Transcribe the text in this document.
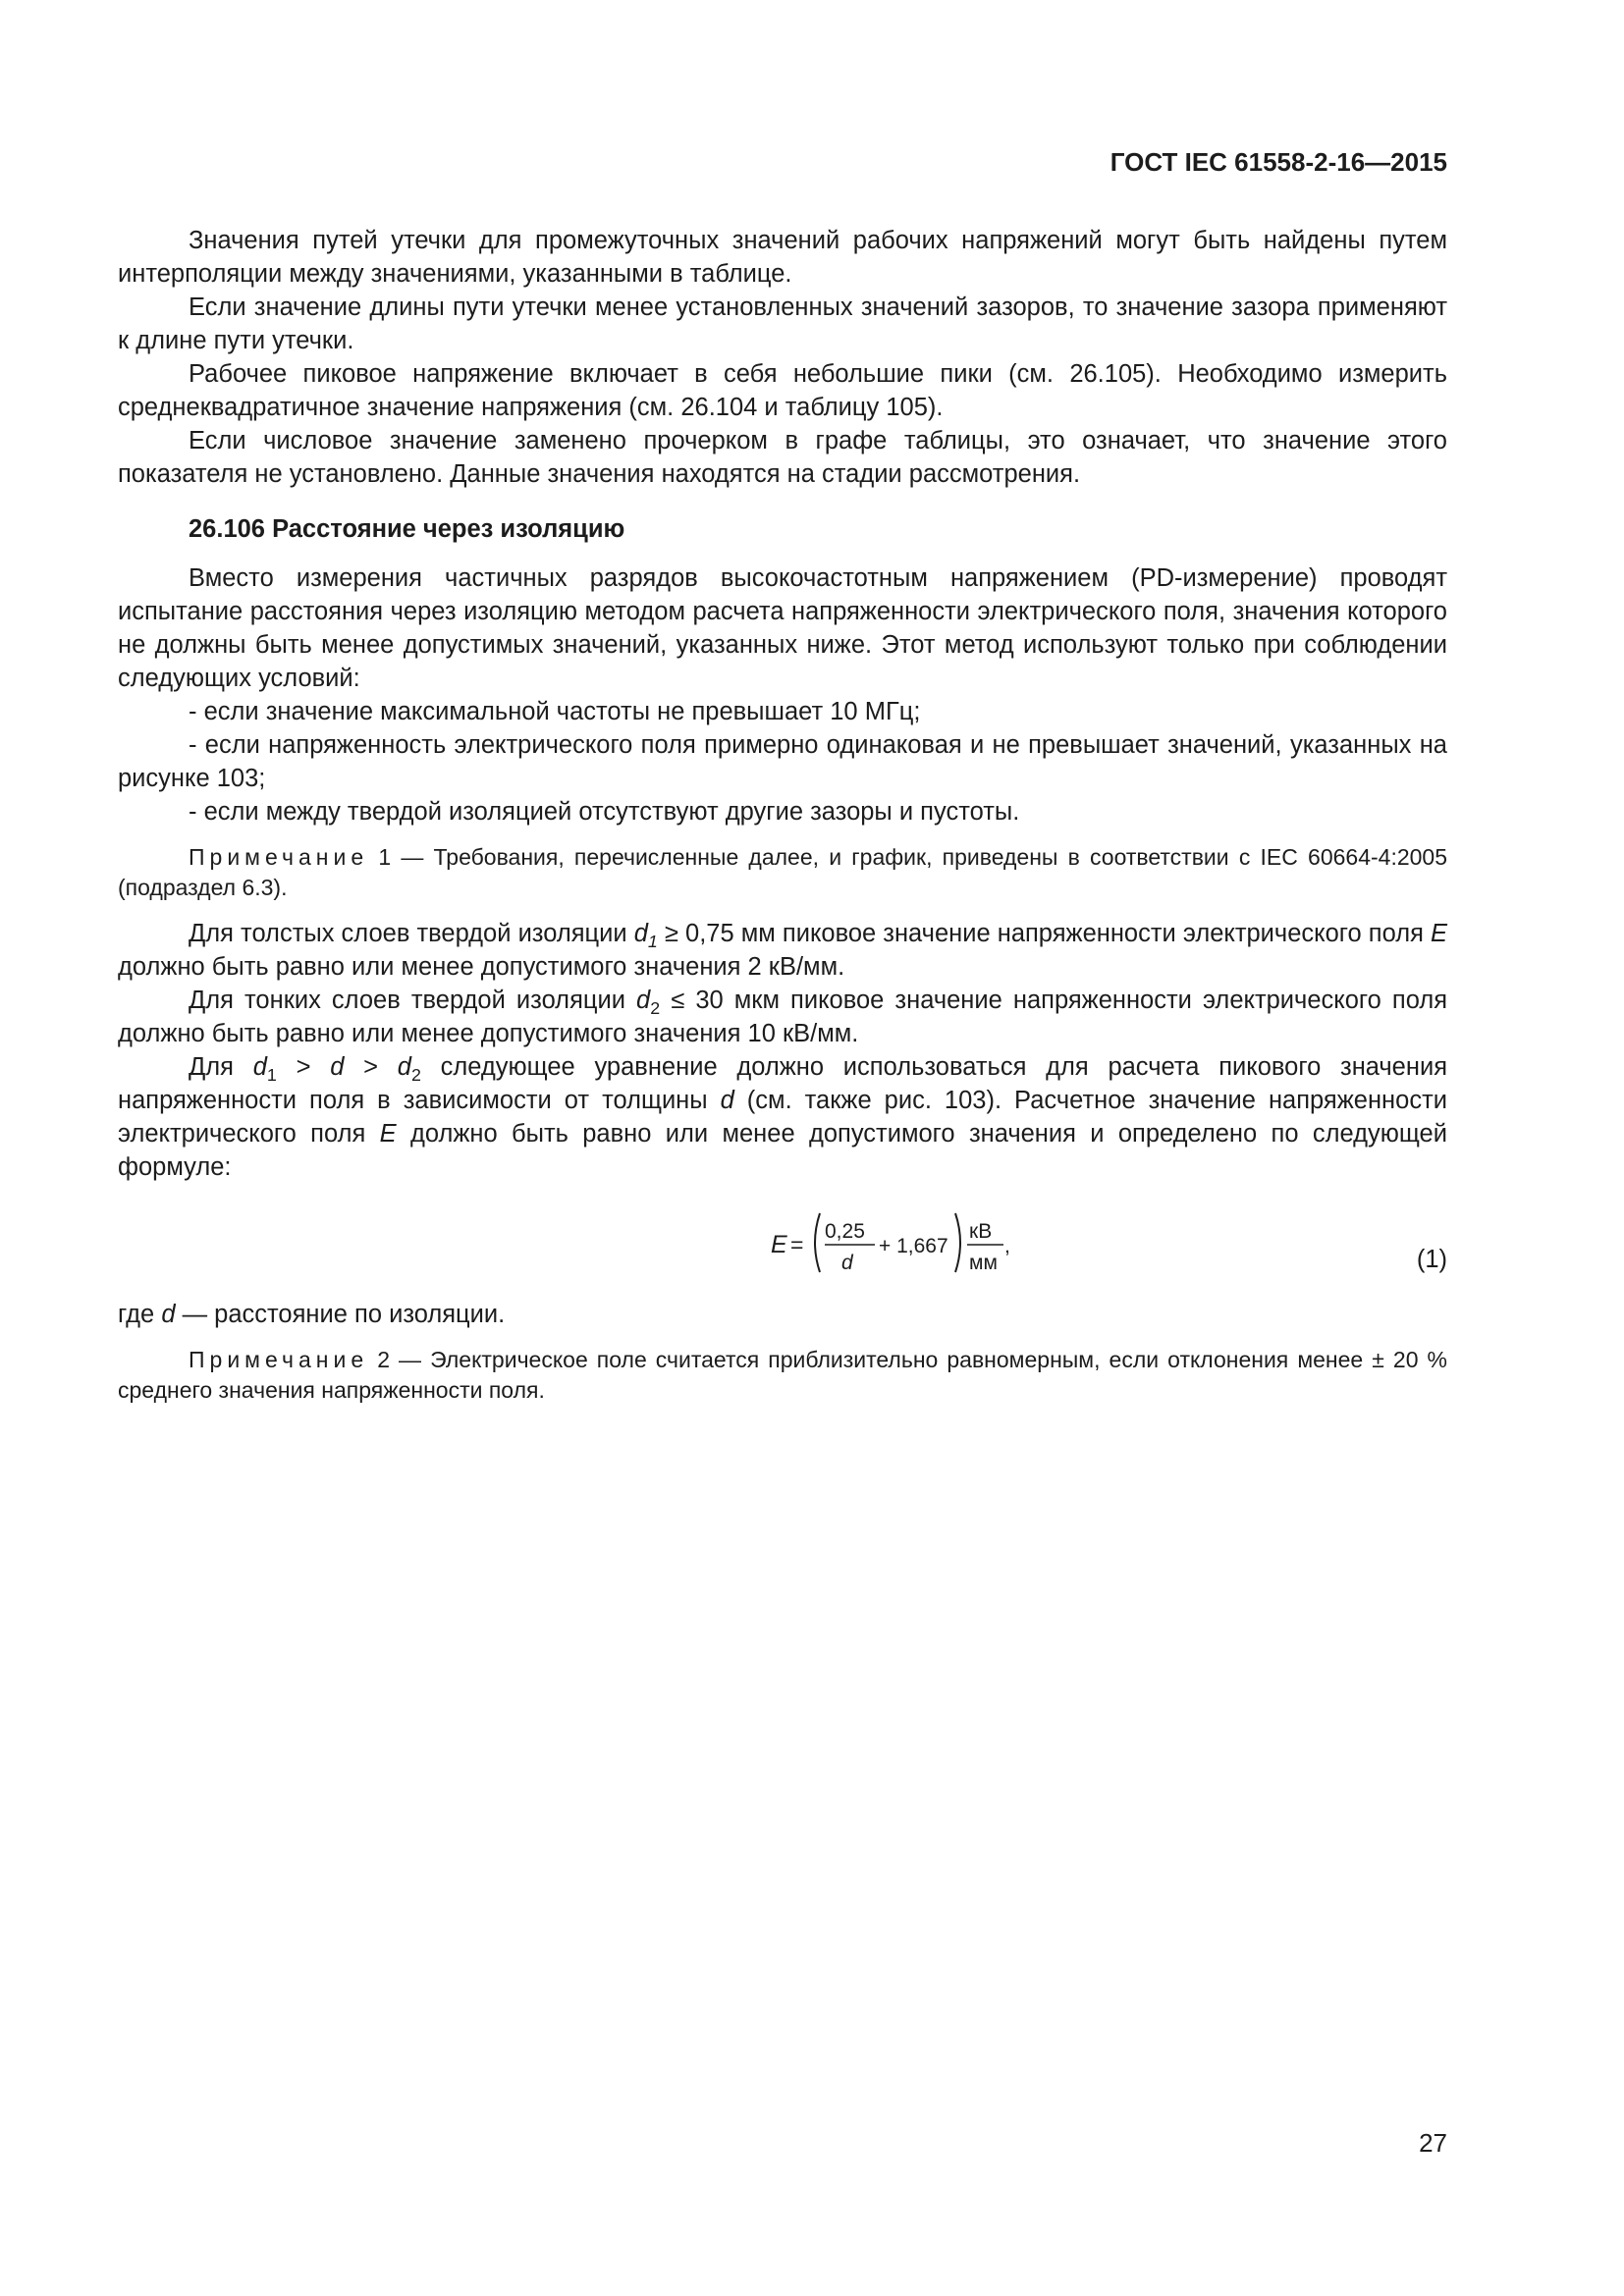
ГОСТ IEC 61558-2-16—2015

Значения путей утечки для промежуточных значений рабочих напряжений могут быть найдены путем интерполяции между значениями, указанными в таблице.

Если значение длины пути утечки менее установленных значений зазоров, то значение зазора применяют к длине пути утечки.

Рабочее пиковое напряжение включает в себя небольшие пики (см. 26.105). Необходимо измерить среднеквадратичное значение напряжения (см. 26.104 и таблицу 105).

Если числовое значение заменено прочерком в графе таблицы, это означает, что значение этого показателя не установлено. Данные значения находятся на стадии рассмотрения.

26.106 Расстояние через изоляцию

Вместо измерения частичных разрядов высокочастотным напряжением (PD-измерение) проводят испытание расстояния через изоляцию методом расчета напряженности электрического поля, значения которого не должны быть менее допустимых значений, указанных ниже. Этот метод используют только при соблюдении следующих условий:

- если значение максимальной частоты не превышает 10 МГц;

- если напряженность электрического поля примерно одинаковая и не превышает значений, указанных на рисунке 103;

- если между твердой изоляцией отсутствуют другие зазоры и пустоты.

Примечание 1 — Требования, перечисленные далее, и график, приведены в соответствии с IEC 60664-4:2005 (подраздел 6.3).

Для толстых слоев твердой изоляции $d_1 \ge 0,75$ мм пиковое значение напряженности электрического поля E должно быть равно или менее допустимого значения 2 кВ/мм.

Для тонких слоев твердой изоляции $d_2 \le 30$ мкм пиковое значение напряженности электрического поля должно быть равно или менее допустимого значения 10 кВ/мм.

Для $d_1 > d > d_2$ следующее уравнение должно использоваться для расчета пикового значения напряженности поля в зависимости от толщины d (см. также рис. 103). Расчетное значение напряженности электрического поля E должно быть равно или менее допустимого значения и определено по следующей формуле:

E =
0,25
d
+ 1,667
кВ
мм
,	(1)

где d — расстояние по изоляции.

Примечание 2 — Электрическое поле считается приблизительно равномерным, если отклонения менее ± 20 % среднего значения напряженности поля.

27
